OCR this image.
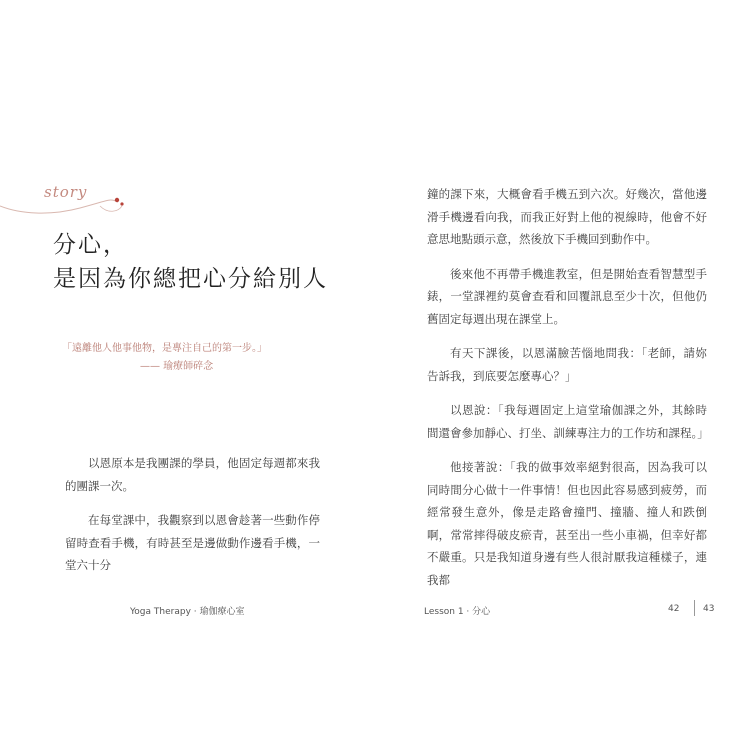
story
分心，
是因為你總把心分給別人
「遠離他人他事他物，是專注自己的第一步。」
—— 瑜療師碎念

以恩原本是我團課的學員，他固定每週都來我的團課一次。

在每堂課中，我觀察到以恩會趁著一些動作停留時查看手機，有時甚至是邊做動作邊看手機，一堂六十分

Yoga Therapy ‧ 瑜伽療心室

鐘的課下來，大概會看手機五到六次。好幾次，當他邊滑手機邊看向我，而我正好對上他的視線時，他會不好意思地點頭示意，然後放下手機回到動作中。

後來他不再帶手機進教室，但是開始查看智慧型手錶，一堂課裡約莫會查看和回覆訊息至少十次，但他仍舊固定每週出現在課堂上。

有天下課後，以恩滿臉苦惱地問我：「老師，請妳告訴我，到底要怎麼專心？」

以恩說：「我每週固定上這堂瑜伽課之外，其餘時間還會參加靜心、打坐、訓練專注力的工作坊和課程。」

他接著說：「我的做事效率絕對很高，因為我可以同時間分心做十一件事情！但也因此容易感到疲勞，而經常發生意外，像是走路會撞門、撞牆、撞人和跌倒啊，常常摔得破皮瘀青，甚至出一些小車禍，但幸好都不嚴重。只是我知道身邊有些人很討厭我這種樣子，連我都

Lesson 1 ‧ 分心	42	43
